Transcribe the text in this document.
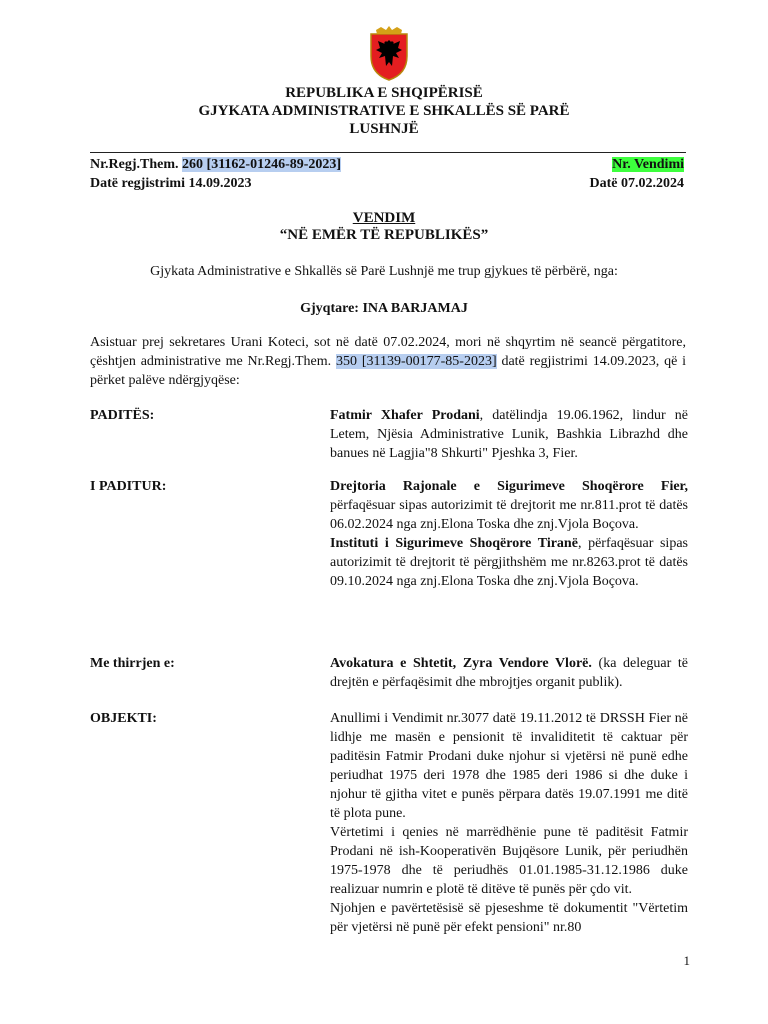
REPUBLIKA E SHQIPËRISË
GJYKATA ADMINISTRATIVE E SHKALLËS SË PARË
LUSHNJË
Nr.Regj.Them. 260 [31162-01246-89-2023]
Datë regjistrimi 14.09.2023
Nr. Vendimi
Datë 07.02.2024
VENDIM
“NË EMËR TË REPUBLIKËS”
Gjykata Administrative e Shkallës së Parë Lushnjë me trup gjykues të përbërë, nga:
Gjyqtare: INA BARJAMAJ
Asistuar prej sekretares Urani Koteci, sot në datë 07.02.2024, mori në shqyrtim në seancë përgatitore, çështjen administrative me Nr.Regj.Them. 350 [31139-00177-85-2023] datë regjistrimi 14.09.2023, që i përket palëve ndërgjyqëse:
PADITËS:	Fatmir Xhafer Prodani, datëlindja 19.06.1962, lindur në Letem, Njësia Administrative Lunik, Bashkia Librazhd dhe banues në Lagjia"8 Shkurti" Pjeshka 3, Fier.

I PADITUR:	Drejtoria Rajonale e Sigurimeve Shoqërore Fier, përfaqësuar sipas autorizimit të drejtorit me nr.811.prot të datës 06.02.2024 nga znj.Elona Toska dhe znj.Vjola Boçova.

Instituti i Sigurimeve Shoqërore Tiranë, përfaqësuar sipas autorizimit të drejtorit të përgjithshëm me nr.8263.prot të datës 09.10.2024 nga znj.Elona Toska dhe znj.Vjola Boçova.

Me thirrjen e:	Avokatura e Shtetit, Zyra Vendore Vlorë. (ka deleguar të drejtën e përfaqësimit dhe mbrojtjes organit publik).

OBJEKTI:	Anullimi i Vendimit nr.3077 datë 19.11.2012 të DRSSH Fier në lidhje me masën e pensionit të invaliditetit të caktuar për paditësin Fatmir Prodani duke njohur si vjetërsi në punë edhe periudhat 1975 deri 1978 dhe 1985 deri 1986 si dhe duke i njohur të gjitha vitet e punës përpara datës 19.07.1991 me ditë të plota pune.

Vërtetimi i qenies në marrëdhënie pune të paditësit Fatmir Prodani në ish-Kooperativën Bujqësore Lunik, për periudhën 1975-1978 dhe të periudhës 01.01.1985-31.12.1986 duke realizuar numrin e plotë të ditëve të punës për çdo vit.

Njohjen e pavërtetësisë së pjeseshme të dokumentit "Vërtetim për vjetërsi në punë për efekt pensioni" nr.80

1
